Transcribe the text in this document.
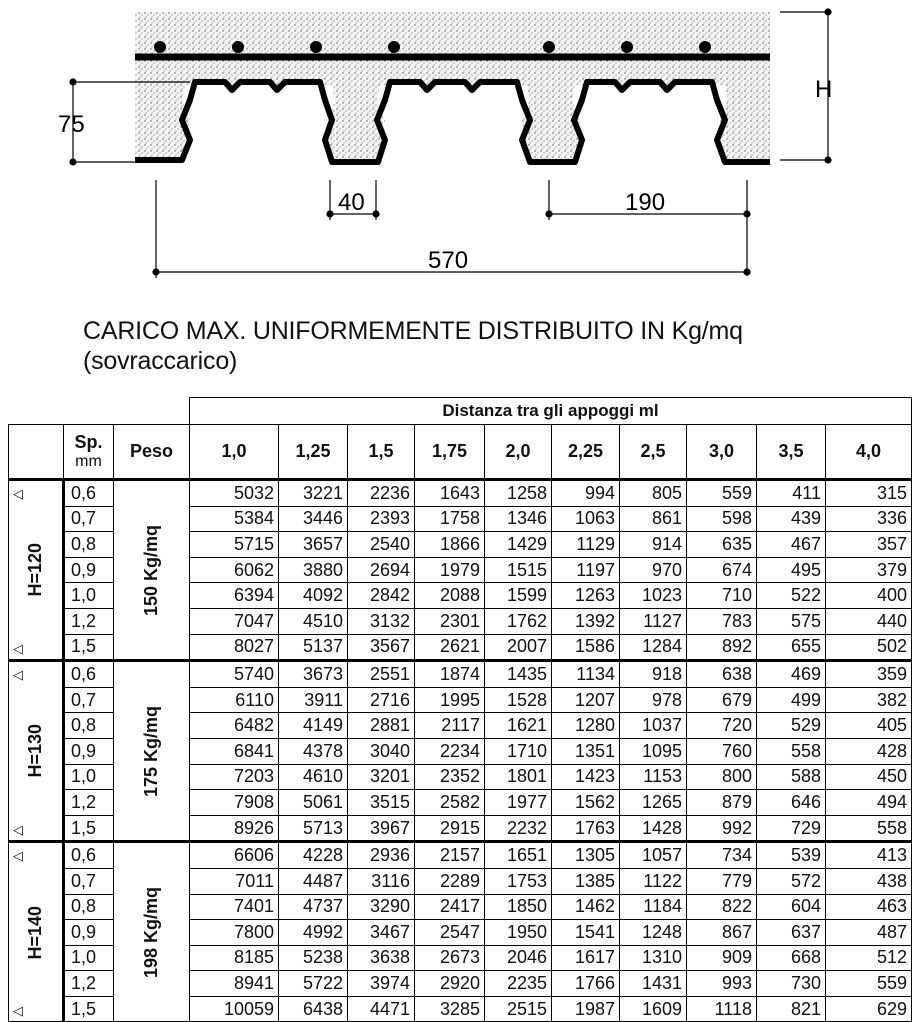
H
75
40	190
570
CARICO MAX. UNIFORMEMENTE DISTRIBUITO IN Kg/mq
(sovraccarico)
			Distanza tra gli appoggi ml									

	Sp.
mm	Peso	1,0	1,25	1,5	1,75	2,0	2,25	2,5	3,0	3,5	4,0

◁
H=120
◁	0,6	150 Kg/mq	5032	3221	2236	1643	1258	994	805	559	411	315
	0,7		5384	3446	2393	1758	1346	1063	861	598	439	336
	0,8		5715	3657	2540	1866	1429	1129	914	635	467	357
	0,9		6062	3880	2694	1979	1515	1197	970	674	495	379
	1,0		6394	4092	2842	2088	1599	1263	1023	710	522	400
	1,2		7047	4510	3132	2301	1762	1392	1127	783	575	440
	1,5		8027	5137	3567	2621	2007	1586	1284	892	655	502

◁
H=130
◁	0,6	175 Kg/mq	5740	3673	2551	1874	1435	1134	918	638	469	359
	0,7		6110	3911	2716	1995	1528	1207	978	679	499	382
	0,8		6482	4149	2881	2117	1621	1280	1037	720	529	405
	0,9		6841	4378	3040	2234	1710	1351	1095	760	558	428
	1,0		7203	4610	3201	2352	1801	1423	1153	800	588	450
	1,2		7908	5061	3515	2582	1977	1562	1265	879	646	494
	1,5		8926	5713	3967	2915	2232	1763	1428	992	729	558

◁
H=140
◁	0,6	198 Kg/mq	6606	4228	2936	2157	1651	1305	1057	734	539	413
	0,7		7011	4487	3116	2289	1753	1385	1122	779	572	438
	0,8		7401	4737	3290	2417	1850	1462	1184	822	604	463
	0,9		7800	4992	3467	2547	1950	1541	1248	867	637	487
	1,0		8185	5238	3638	2673	2046	1617	1310	909	668	512
	1,2		8941	5722	3974	2920	2235	1766	1431	993	730	559
	1,5		10059	6438	4471	3285	2515	1987	1609	1118	821	629
